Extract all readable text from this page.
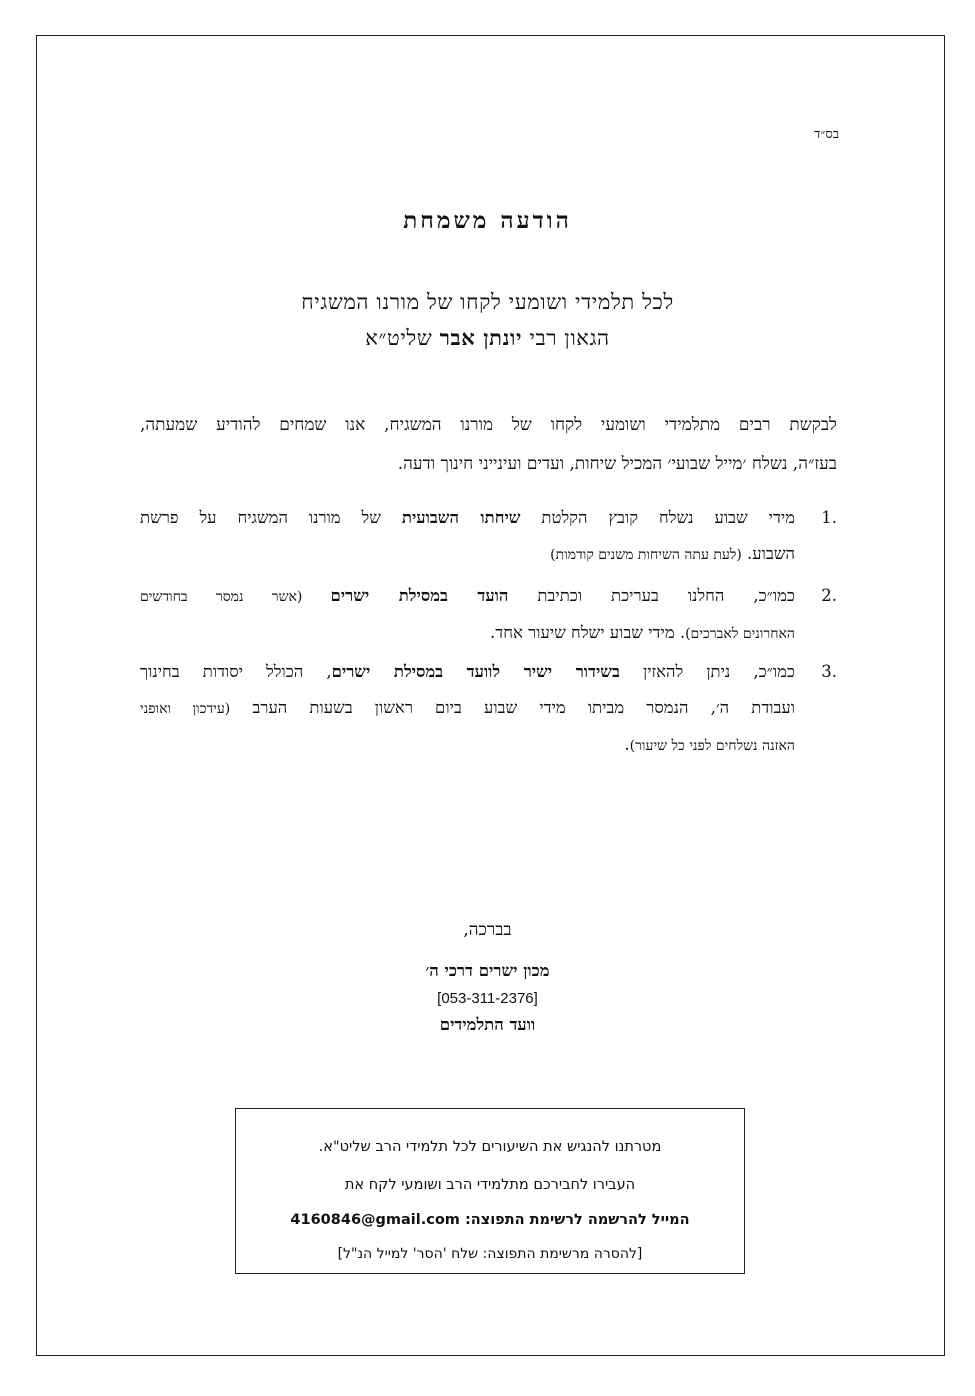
בס״ד
הודעה משמחת
לכל תלמידי ושומעי לקחו של מורנו המשגיח
הגאון רבי יונתן אבר שליט״א
לבקשת רבים מתלמידי ושומעי לקחו של מורנו המשגיח, אנו שמחים להודיע שמעתה,
בעז״ה, נשלח ׳מייל שבועי׳ המכיל שיחות, ועדים ועינייני חינוך ודעה.
1.
מידי שבוע נשלח קובץ הקלטת שיחתו השבועית של מורנו המשגיח על פרשת
השבוע. (לעת עתה השיחות משנים קודמות)
2.
כמו״כ, החלנו בעריכת וכתיבת הועד במסילת ישרים (אשר נמסר בחודשים
האחרונים לאברכים). מידי שבוע ישלח שיעור אחד.
3.
כמו״כ, ניתן להאזין בשידור ישיר לוועד במסילת ישרים, הכולל יסודות בחינוך
ועבודת ה׳, הנמסר מביתו מידי שבוע ביום ראשון בשעות הערב (עידכון ואופני
האזנה נשלחים לפני כל שיעור).
בברכה,
מכון ישרים דרכי ה׳
[053-311-2376]
וועד התלמידים
מטרתנו להנגיש את השיעורים לכל תלמידי הרב שליט"א.
העבירו לחבירכם מתלמידי הרב ושומעי לקח את
המייל להרשמה לרשימת התפוצה: 4160846@gmail.com
[להסרה מרשימת התפוצה: שלח 'הסר' למייל הנ"ל]
